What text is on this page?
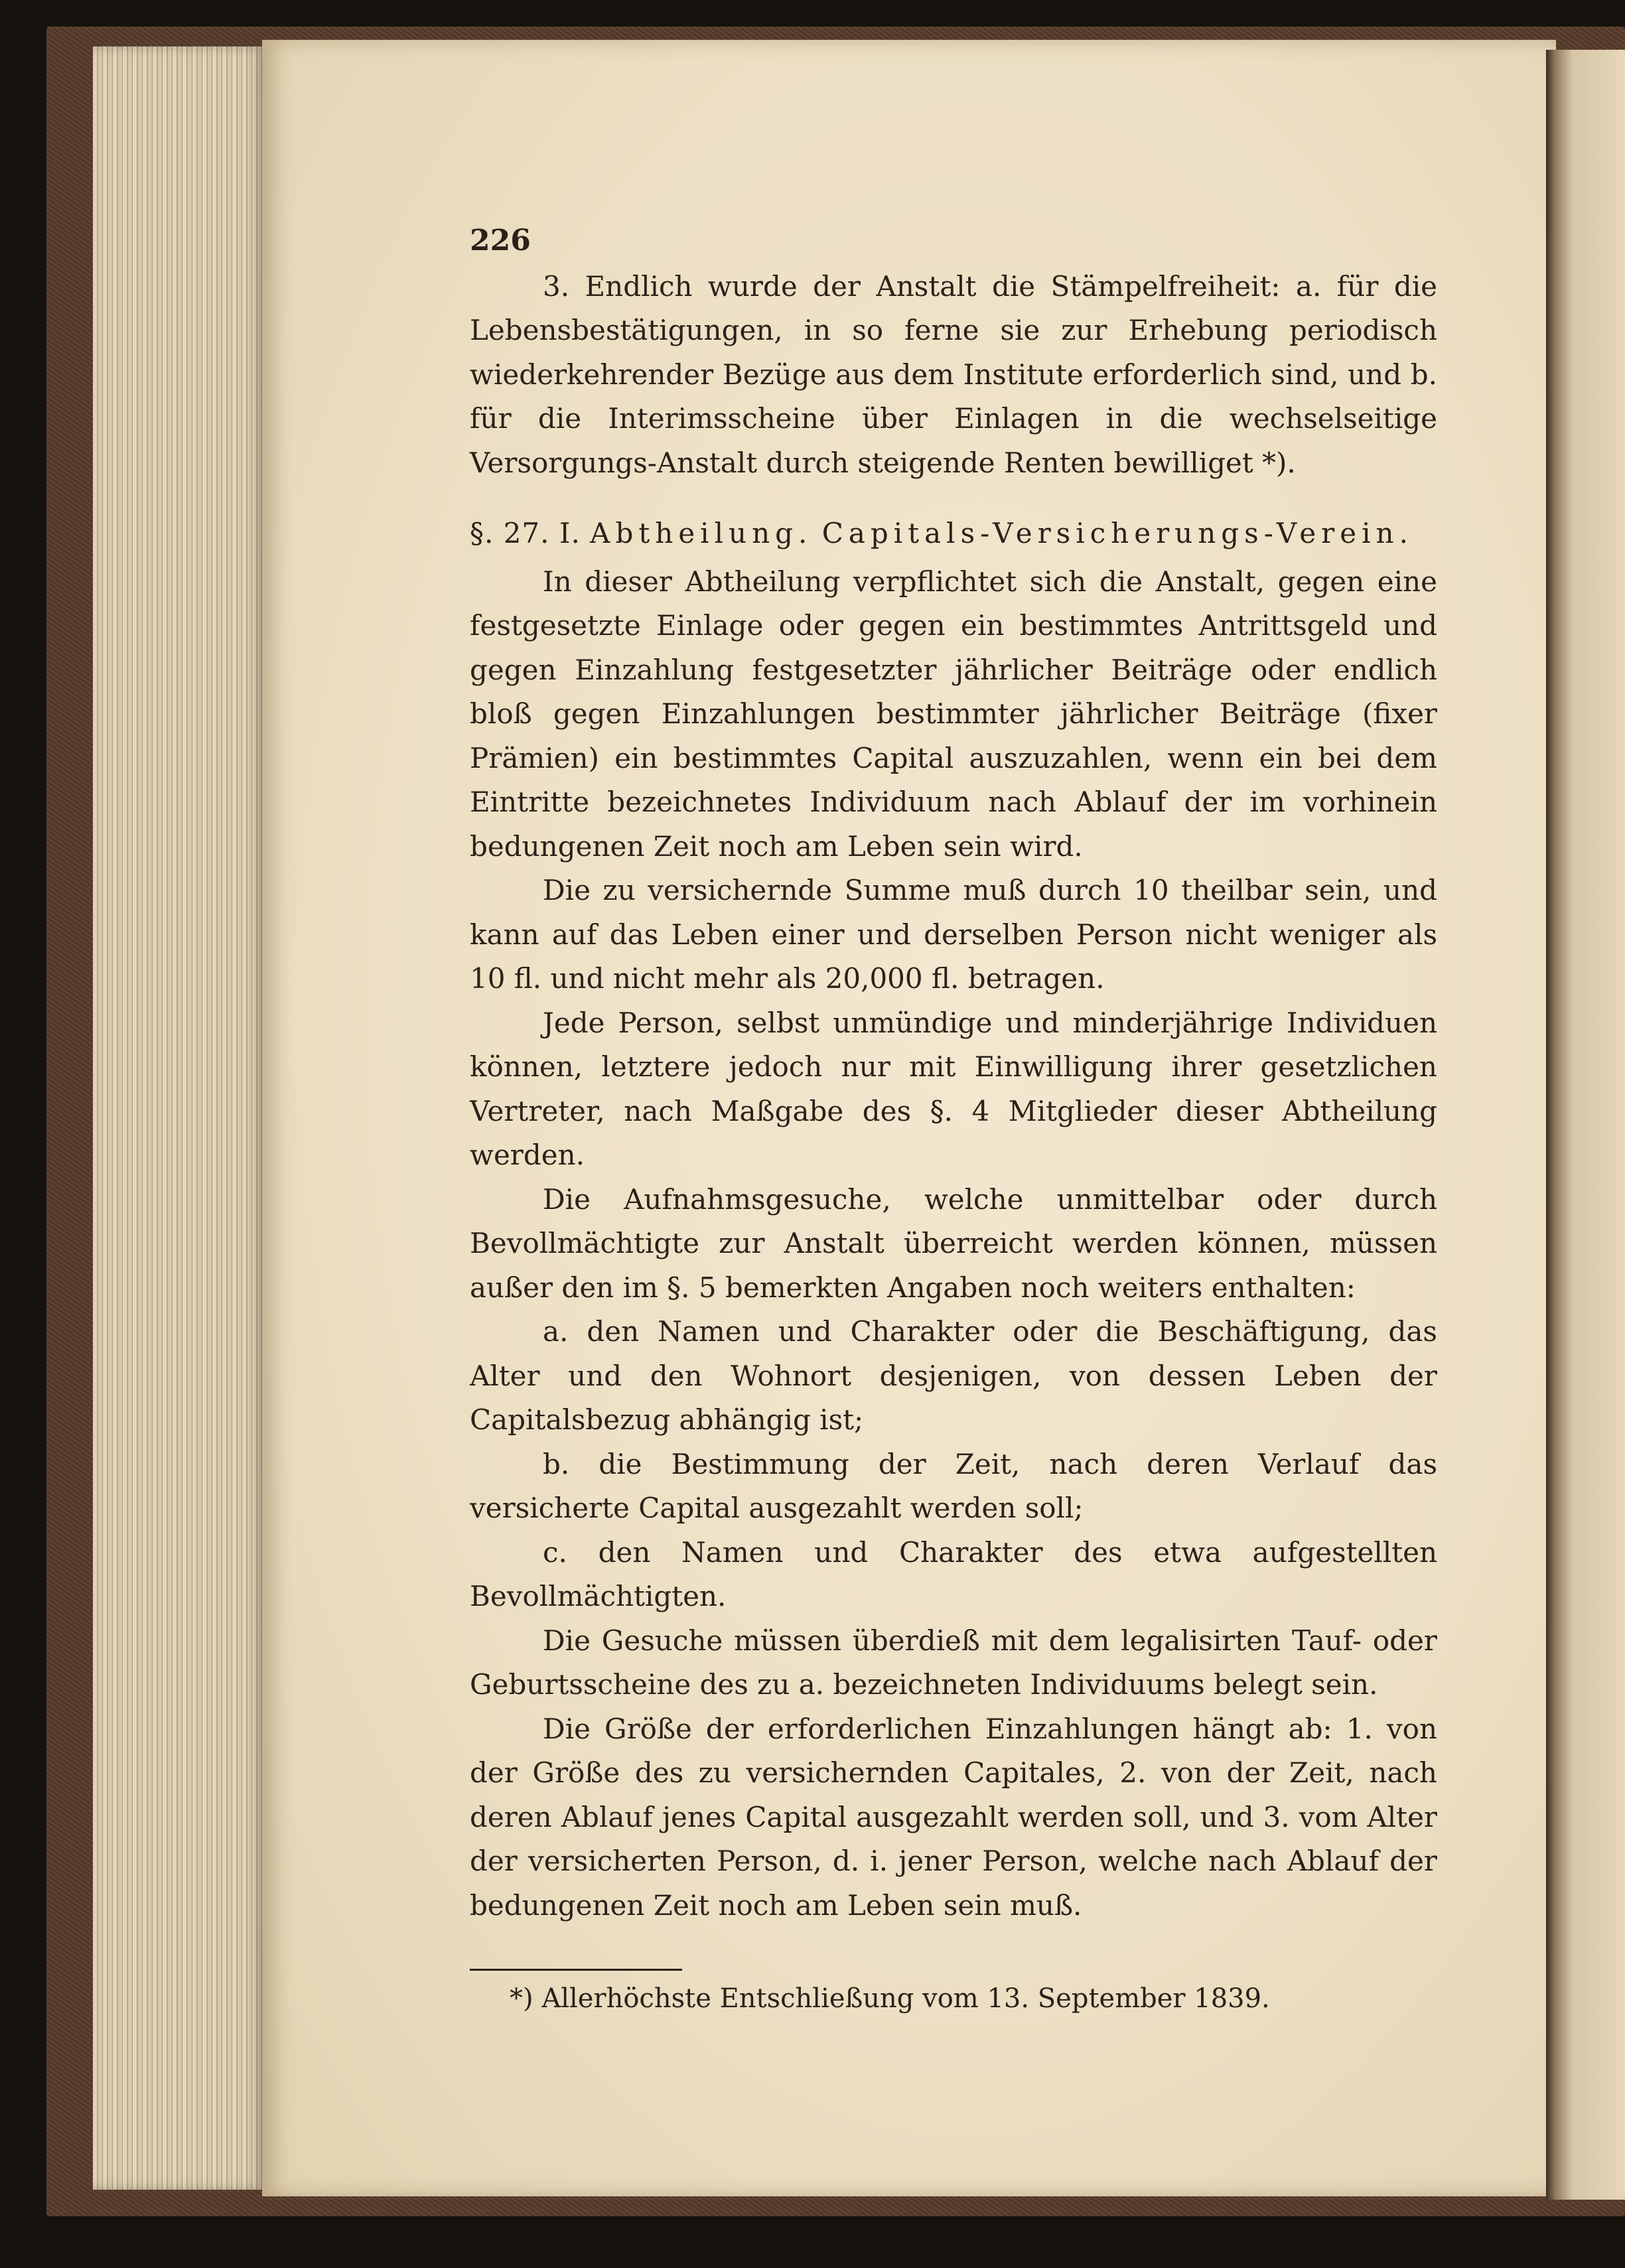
226

3. Endlich wurde der Anstalt die Stämpelfreiheit: a. für die Lebensbestätigungen, in so ferne sie zur Erhebung periodisch wiederkehrender Bezüge aus dem Institute erforderlich sind, und b. für die Interimsscheine über Einlagen in die wechselseitige Versorgungs-Anstalt durch steigende Renten bewilliget *).

§. 27. I. Abtheilung. Capitals-Versicherungs-Verein.

In dieser Abtheilung verpflichtet sich die Anstalt, gegen eine festgesetzte Einlage oder gegen ein bestimmtes Antrittsgeld und gegen Einzahlung festgesetzter jährlicher Beiträge oder endlich bloß gegen Einzahlungen bestimmter jährlicher Beiträge (fixer Prämien) ein bestimmtes Capital auszuzahlen, wenn ein bei dem Eintritte bezeichnetes Individuum nach Ablauf der im vorhinein bedungenen Zeit noch am Leben sein wird.

Die zu versichernde Summe muß durch 10 theilbar sein, und kann auf das Leben einer und derselben Person nicht weniger als 10 fl. und nicht mehr als 20,000 fl. betragen.

Jede Person, selbst unmündige und minderjährige Individuen können, letztere jedoch nur mit Einwilligung ihrer gesetzlichen Vertreter, nach Maßgabe des §. 4 Mitglieder dieser Abtheilung werden.

Die Aufnahmsgesuche, welche unmittelbar oder durch Bevollmächtigte zur Anstalt überreicht werden können, müssen außer den im §. 5 bemerkten Angaben noch weiters enthalten:

a. den Namen und Charakter oder die Beschäftigung, das Alter und den Wohnort desjenigen, von dessen Leben der Capitalsbezug abhängig ist;

b. die Bestimmung der Zeit, nach deren Verlauf das versicherte Capital ausgezahlt werden soll;

c. den Namen und Charakter des etwa aufgestellten Bevollmächtigten.

Die Gesuche müssen überdieß mit dem legalisirten Tauf- oder Geburtsscheine des zu a. bezeichneten Individuums belegt sein.

Die Größe der erforderlichen Einzahlungen hängt ab: 1. von der Größe des zu versichernden Capitales, 2. von der Zeit, nach deren Ablauf jenes Capital ausgezahlt werden soll, und 3. vom Alter der versicherten Person, d. i. jener Person, welche nach Ablauf der bedungenen Zeit noch am Leben sein muß.

*) Allerhöchste Entschließung vom 13. September 1839.
